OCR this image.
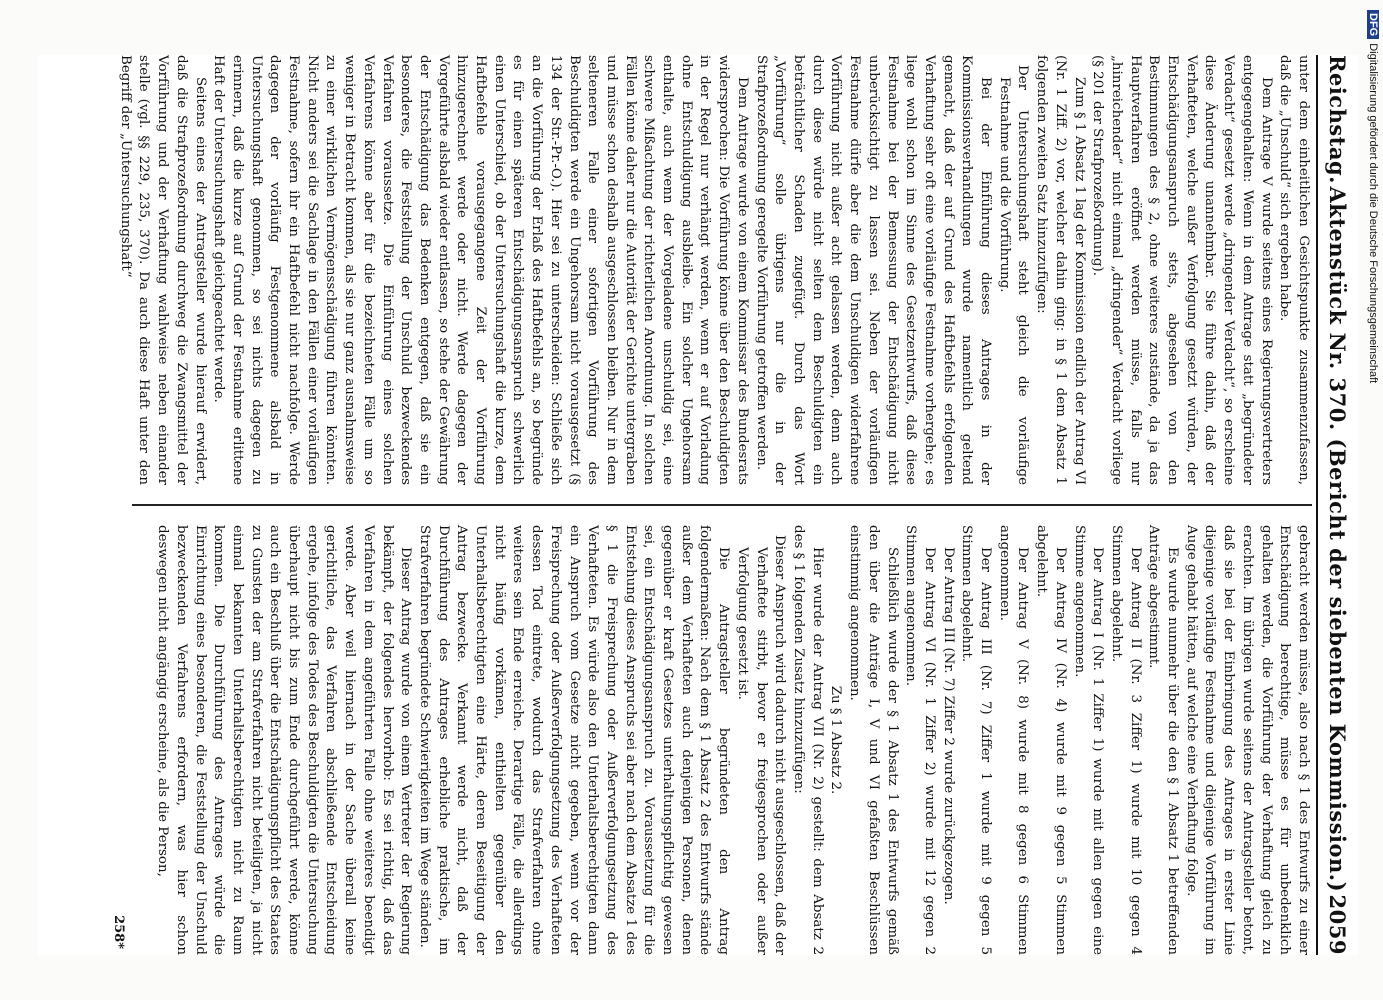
Reichstag.
Aktenstück Nr. 370. (Bericht der siebenten Kommission.)
2059

unter dem einheitlichen Gesichtspunkte zusammenzufassen, daß die „Unschuld“ sich ergeben habe.

Dem Antrage V wurde seitens eines Regierungsvertreters entgegengehalten: Wenn in dem Antrage statt „begründeter Verdacht“ gesetzt werde „dringender Verdacht“, so erscheine diese Änderung unannehmbar. Sie führe dahin, daß der Verhafteten, welche außer Verfolgung gesetzt würden, der Entschädigungsanspruch stets, abgesehen von den Bestimmungen des § 2, ohne weiteres zustände, da ja das Hauptverfahren eröffnet werden müsse, falls nur „hinreichender“ nicht einmal „dringender“ Verdacht vorliege (§ 201 der Strafprozeßordnung).

Zum § 1 Absatz 1 lag der Kommission endlich der Antrag VI (Nr. 1 Ziff. 2) vor, welcher dahin ging: in § 1 dem Absatz 1 folgenden zweiten Satz hinzuzufügen:

Der Untersuchungshaft steht gleich die vorläufige Festnahme und die Vorführung.

Bei der Einführung dieses Antrages in der Kommissionsverhandlungen wurde namentlich geltend gemacht, daß der auf Grund des Haftbefehls erfolgenden Verhaftung sehr oft eine vorläufige Festnahme vorhergehe; es liege wohl schon im Sinne des Gesetzentwurfs, daß diese Festnahme bei der Bemessung der Entschädigung nicht unberücksichtigt zu lassen sei. Neben der vorläufigen Festnahme dürfe aber die dem Unschuldigen widerfahrene Vorführung nicht außer acht gelassen werden, denn auch durch diese würde nicht selten dem Beschuldigten ein beträchtlicher Schaden zugefügt. Durch das Wort „Vorführung“ solle übrigens nur die in der Strafprozeßordnung geregelte Vorführung getroffen werden.

Dem Antrage wurde von einem Kommissar des Bundesrats widersprochen: Die Vorführung könne über den Beschuldigten in der Regel nur verhängt werden, wenn er auf Vorladung ohne Entschuldigung ausbleibe. Ein solcher Ungehorsam enthalte, auch wenn der Vorgeladene unschuldig sei, eine schwere Mißachtung der richterlichen Anordnung. In solchen Fällen könne daher nur die Autorität der Gerichte untergraben und müsse schon deshalb ausgeschlossen bleiben. Nur in dem selteneren Falle einer sofortigen Vorführung des Beschuldigten werde ein Ungehorsam nicht vorausgesetzt (§ 134 der Str.-Pr.-O.). Hier sei zu unterscheiden: Schließe sich an die Vorführung der Erlaß des Haftbefehls an, so begründe es für einen späteren Entschädigungsanspruch schwerlich einen Unterschied, ob der Untersuchungshaft die kurze, dem Haftbefehle vorausgegangene Zeit der Vorführung hinzugerechnet werde oder nicht. Werde dagegen der Vorgeführte alsbald wieder entlassen, so stehe der Gewährung der Entschädigung das Bedenken entgegen, daß sie ein besonderes, die Feststellung der Unschuld bezweckendes Verfahren voraussetze. Die Einführung eines solchen Verfahrens könne aber für die bezeichneten Fälle um so weniger in Betracht kommen, als sie nur ganz ausnahmsweise zu einer wirklichen Vermögensschädigung führen könnten. Nicht anders sei die Sachlage in den Fällen einer vorläufigen Festnahme, sofern ihr ein Haftbefehl nicht nachfolge. Werde dagegen der vorläufig Festgenommene alsbald in Untersuchungshaft genommen, so sei nichts dagegen zu erinnern, daß die kurze auf Grund der Festnahme erlittene Haft der Untersuchungshaft gleichgeachtet werde.

Seitens eines der Antragsteller wurde hierauf erwidert, daß die Strafprozeßordnung durchweg die Zwangsmittel der Vorführung und der Verhaftung wahlweise neben einander stelle (vgl. §§ 229, 235, 370). Da auch diese Haft unter den Begriff der „Untersuchungshaft“

gebracht werden müsse, also nach § 1 des Entwurfs zu einer Entschädigung berechtige, müsse es für unbedenklich gehalten werden, die Vorführung der Verhaftung gleich zu erachten. Im übrigen wurde seitens der Antragsteller betont, daß sie bei der Einbringung des Antrages in erster Linie diejenige vorläufige Festnahme und diejenige Vorführung im Auge gehabt hätten, auf welche eine Verhaftung folge.

Es wurde nunmehr über die den § 1 Absatz 1 betreffenden Anträge abgestimmt.

Der Antrag II (Nr. 3 Ziffer 1) wurde mit 10 gegen 4 Stimmen abgelehnt.

Der Antrag I (Nr. 1 Ziffer 1) wurde mit allen gegen eine Stimme angenommen.

Der Antrag IV (Nr. 4) wurde mit 9 gegen 5 Stimmen abgelehnt.

Der Antrag V (Nr. 8) wurde mit 8 gegen 6 Stimmen angenommen.

Der Antrag III (Nr. 7) Ziffer 1 wurde mit 9 gegen 5 Stimmen abgelehnt.

Der Antrag III (Nr. 7) Ziffer 2 wurde zurückgezogen.

Der Antrag VI (Nr. 1 Ziffer 2) wurde mit 12 gegen 2 Stimmen angenommen.

Schließlich wurde der § 1 Absatz 1 des Entwurfs gemäß den über die Anträge I, V und VI gefaßten Beschlüssen einstimmig angenommen.

Zu § 1 Absatz 2.

Hier wurde der Antrag VII (Nr. 2) gestellt: dem Absatz 2 des § 1 folgenden Zusatz hinzuzufügen:

Dieser Anspruch wird dadurch nicht ausgeschlossen, daß der Verhaftete stirbt, bevor er freigesprochen oder außer Verfolgung gesetzt ist.

Die Antragsteller begründeten den Antrag folgendermaßen: Nach dem § 1 Absatz 2 des Entwurfs stände außer dem Verhafteten auch denjenigen Personen, denen gegenüber er kraft Gesetzes unterhaltungspflichtig gewesen sei, ein Entschädigungsanspruch zu. Voraussetzung für die Entstehung dieses Anspruchs sei aber nach dem Absatze 1 des § 1 die Freisprechung oder Außerverfolgungsetzung des Verhafteten. Es würde also den Unterhaltsberechtigten dann ein Anspruch vom Gesetze nicht gegeben, wenn vor der Freisprechung oder Außerverfolgungsetzung des Verhafteten dessen Tod eintrete, wodurch das Strafverfahren ohne weiteres sein Ende erreiche. Derartige Fälle, die allerdings nicht häufig vorkämen, enthielten gegenüber den Unterhaltsberechtigten eine Härte, deren Beseitigung der Antrag bezwecke. Verkannt werde nicht, daß der Durchführung des Antrages erhebliche praktische, im Strafverfahren begründete Schwierigkeiten im Wege ständen.

Dieser Antrag wurde von einem Vertreter der Regierung bekämpft, der folgendes hervorhob: Es sei richtig, daß das Verfahren in dem angeführten Falle ohne weiteres beendigt werde. Aber weil hiernach in der Sache überall keine gerichtliche, das Verfahren abschließende Entscheidung ergehe, infolge des Todes des Beschuldigten die Untersuchung überhaupt nicht bis zum Ende durchgeführt werde, könne auch ein Beschluß über die Entschädigungspflicht des Staates zu Gunsten der am Strafverfahren nicht beteiligten, ja nicht einmal bekannten Unterhaltsberechtigten nicht zu Raum kommen. Die Durchführung des Antrages würde die Einrichtung eines besonderen, die Feststellung der Unschuld bezweckenden Verfahrens erfordern, was hier schon deswegen nicht angängig erscheine, als die Person,

258*
DFGDigitalisierung gefördert durch die Deutsche Forschungsgemeinschaft
